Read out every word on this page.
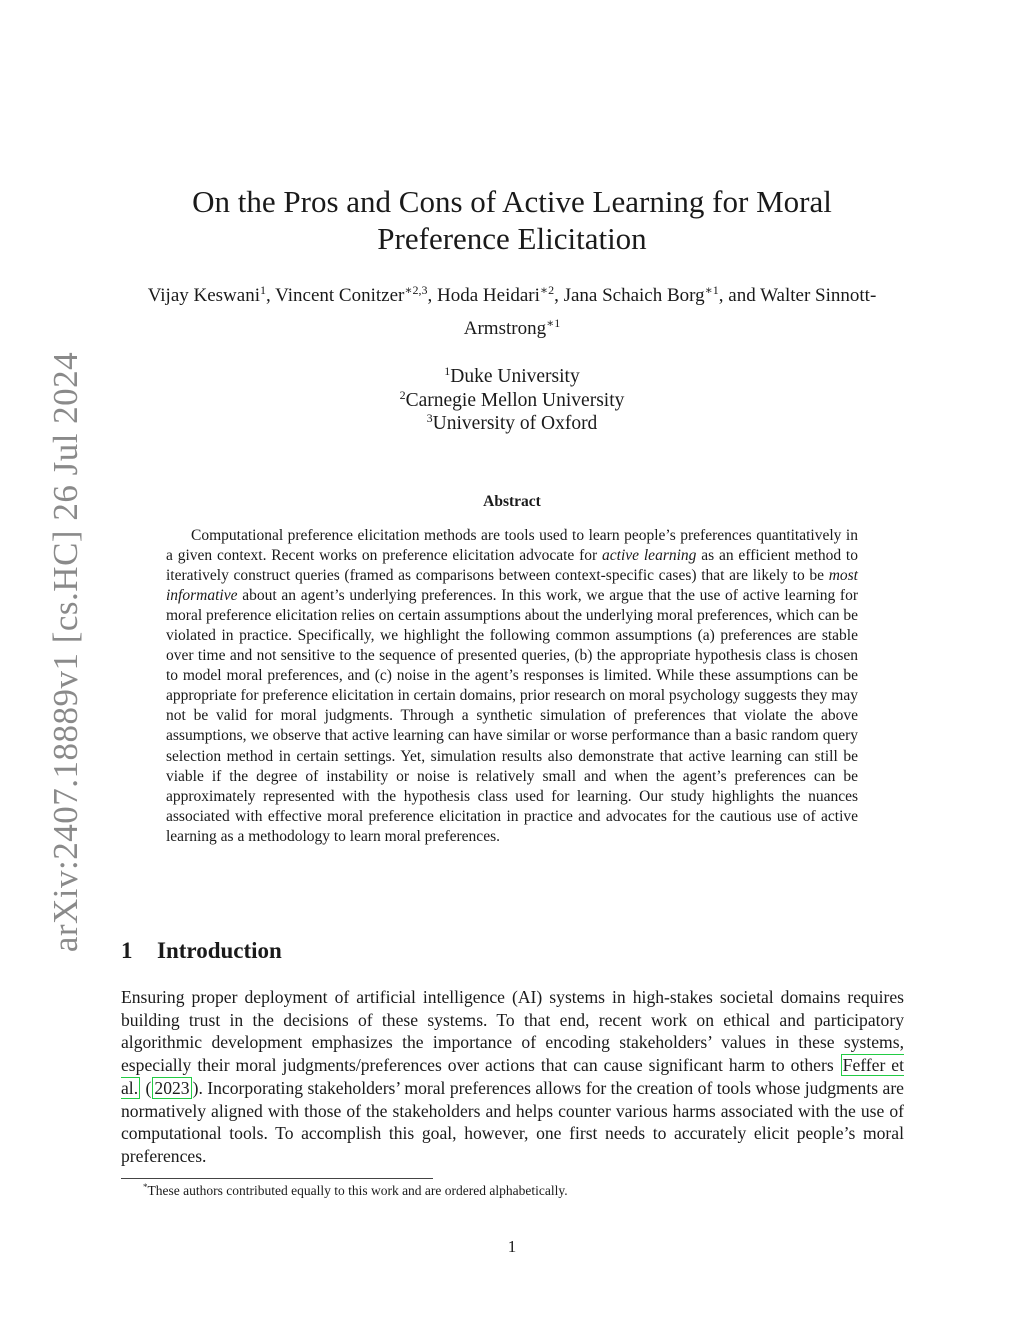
arXiv:2407.18889v1 [cs.HC] 26 Jul 2024
On the Pros and Cons of Active Learning for Moral Preference Elicitation
Vijay Keswani$^1$, Vincent Conitzer$^{∗2,3}$, Hoda Heidari$^{∗2}$, Jana Schaich Borg$^{∗1}$, and Walter Sinnott-Armstrong$^{∗1}$
$^1$Duke University
$^2$Carnegie Mellon University
$^3$University of Oxford
Abstract

Computational preference elicitation methods are tools used to learn people’s preferences quantitatively in a given context. Recent works on preference elicitation advocate for active learning as an efficient method to iteratively construct queries (framed as comparisons between context-specific cases) that are likely to be most informative about an agent’s underlying preferences. In this work, we argue that the use of active learning for moral preference elicitation relies on certain assumptions about the underlying moral preferences, which can be violated in practice. Specifically, we highlight the following common assumptions (a) preferences are stable over time and not sensitive to the sequence of presented queries, (b) the appropriate hypothesis class is chosen to model moral preferences, and (c) noise in the agent’s responses is limited. While these assumptions can be appropriate for preference elicitation in certain domains, prior research on moral psychology suggests they may not be valid for moral judgments. Through a synthetic simulation of preferences that violate the above assumptions, we observe that active learning can have similar or worse performance than a basic random query selection method in certain settings. Yet, simulation results also demonstrate that active learning can still be viable if the degree of instability or noise is relatively small and when the agent’s preferences can be approximately represented with the hypothesis class used for learning. Our study highlights the nuances associated with effective moral preference elicitation in practice and advocates for the cautious use of active learning as a methodology to learn moral preferences.

1 Introduction

Ensuring proper deployment of artificial intelligence (AI) systems in high-stakes societal domains requires building trust in the decisions of these systems. To that end, recent work on ethical and participatory algorithmic development emphasizes the importance of encoding stakeholders’ values in these systems, especially their moral judgments/preferences over actions that can cause significant harm to others Feffer et al. ( 2023 ). Incorporating stakeholders’ moral preferences allows for the creation of tools whose judgments are normatively aligned with those of the stakeholders and helps counter various harms associated with the use of computational tools. To accomplish this goal, however, one first needs to accurately elicit people’s moral preferences.

*These authors contributed equally to this work and are ordered alphabetically.
1
